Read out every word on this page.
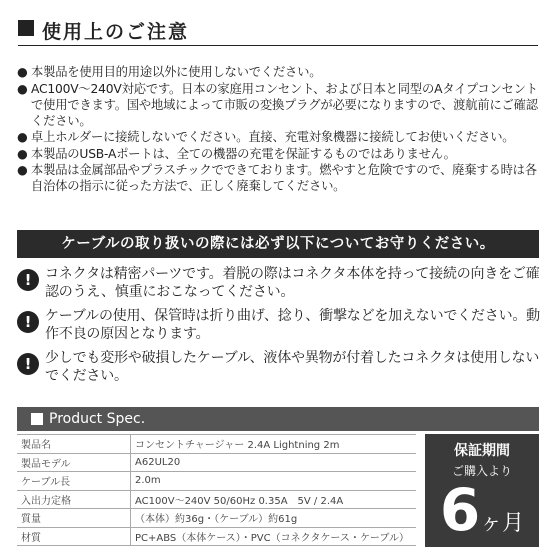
使用上のご注意
● 本製品を使用目的用途以外に使用しないでください。
● AC100V〜240V対応です。日本の家庭用コンセント、および日本と同型のAタイプコンセントで使用できます。国や地域によって市販の変換プラグが必要になりますので、渡航前にご確認ください。
● 卓上ホルダーに接続しないでください。直接、充電対象機器に接続してお使いください。
● 本製品のUSB-Aポートは、全ての機器の充電を保証するものではありません。
● 本製品は金属部品やプラスチックでできております。燃やすと危険ですので、廃棄する時は各自治体の指示に従った方法で、正しく廃棄してください。
ケーブルの取り扱いの際には必ず以下についてお守りください。
! コネクタは精密パーツです。着脱の際はコネクタ本体を持って接続の向きをご確認のうえ、慎重におこなってください。
! ケーブルの使用、保管時は折り曲げ、捻り、衝撃などを加えないでください。動作不良の原因となります。
! 少しでも変形や破損したケーブル、液体や異物が付着したコネクタは使用しないでください。
Product Spec.
製品名	コンセントチャージャー 2.4A Lightning 2m
製品モデル	A62UL20
ケーブル長	2.0m
入出力定格	AC100V〜240V 50/60Hz 0.35A　5V / 2.4A
質量	（本体）約36g・（ケーブル）約61g
材質	PC+ABS（本体ケース）・PVC（コネクタケース・ケーブル）
保証期間
ご購入より
6ヶ月
